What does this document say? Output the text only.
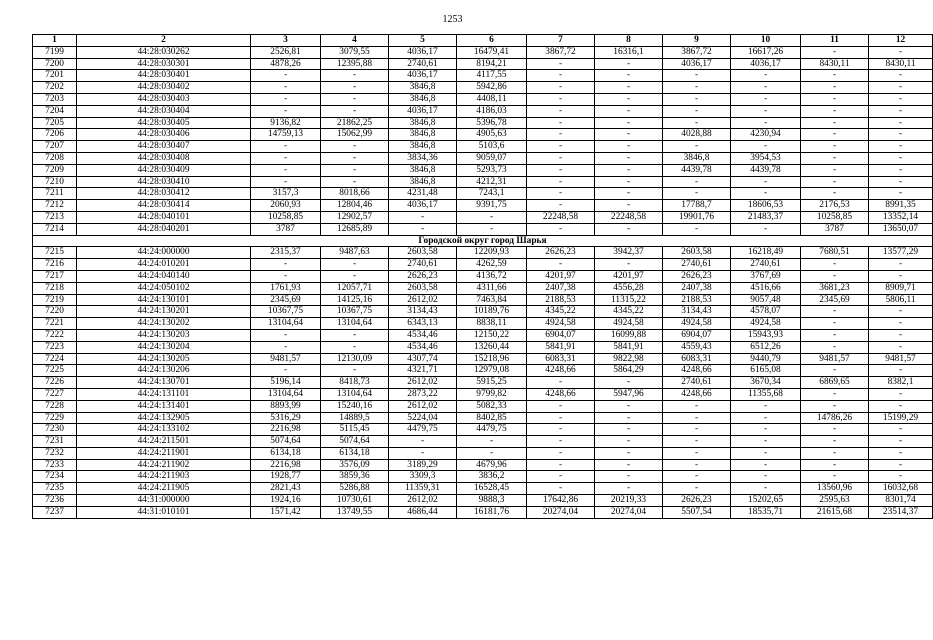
1253
1	2	3	4	5	6	7	8	9	10	11	12
7199	44:28:030262	2526,81	3079,55	4036,17	16479,41	3867,72	16316,1	3867,72	16617,26	-	-
7200	44:28:030301	4878,26	12395,88	2740,61	8194,21	-	-	4036,17	4036,17	8430,11	8430,11
7201	44:28:030401	-	-	4036,17	4117,55	-	-	-	-	-	-
7202	44:28:030402	-	-	3846,8	5942,86	-	-	-	-	-	-
7203	44:28:030403	-	-	3846,8	4408,11	-	-	-	-	-	-
7204	44:28:030404	-	-	4036,17	4186,03	-	-	-	-	-	-
7205	44:28:030405	9136,82	21862,25	3846,8	5396,78	-	-	-	-	-	-
7206	44:28:030406	14759,13	15062,99	3846,8	4905,63	-	-	4028,88	4230,94	-	-
7207	44:28:030407	-	-	3846,8	5103,6	-	-	-	-	-	-
7208	44:28:030408	-	-	3834,36	9059,07	-	-	3846,8	3954,53	-	-
7209	44:28:030409	-	-	3846,8	5293,73	-	-	4439,78	4439,78	-	-
7210	44:28:030410	-	-	3846,8	4212,31	-	-	-	-	-	-
7211	44:28:030412	3157,3	8018,66	4231,48	7243,1	-	-	-	-	-	-
7212	44:28:030414	2060,93	12804,46	4036,17	9391,75	-	-	17788,7	18606,53	2176,53	8991,35
7213	44:28:040101	10258,85	12902,57	-	-	22248,58	22248,58	19901,76	21483,37	10258,85	13352,14
7214	44:28:040201	3787	12685,89	-	-	-	-	-	-	3787	13650,07
Городской округ город Шарья											
7215	44:24:000000	2315,37	9487,63	2603,58	12209,93	2626,23	3942,37	2603,58	16218,49	7680,51	13577,29
7216	44:24:010201	-	-	2740,61	4262,59	-	-	2740,61	2740,61	-	-
7217	44:24:040140	-	-	2626,23	4136,72	4201,97	4201,97	2626,23	3767,69	-	-
7218	44:24:050102	1761,93	12057,71	2603,58	4311,66	2407,38	4556,28	2407,38	4516,66	3681,23	8909,71
7219	44:24:130101	2345,69	14125,16	2612,02	7463,84	2188,53	11315,22	2188,53	9057,48	2345,69	5806,11
7220	44:24:130201	10367,75	10367,75	3134,43	10189,76	4345,22	4345,22	3134,43	4578,07	-	-
7221	44:24:130202	13104,64	13104,64	6343,13	8838,11	4924,58	4924,58	4924,58	4924,58	-	-
7222	44:24:130203	-	-	4534,46	12150,22	6904,07	16099,88	6904,07	15943,93	-	-
7223	44:24:130204	-	-	4534,46	13260,44	5841,91	5841,91	4559,43	6512,26	-	-
7224	44:24:130205	9481,57	12130,09	4307,74	15218,96	6083,31	9822,98	6083,31	9440,79	9481,57	9481,57
7225	44:24:130206	-	-	4321,71	12979,08	4248,66	5864,29	4248,66	6165,08	-	-
7226	44:24:130701	5196,14	8418,73	2612,02	5915,25	-	-	2740,61	3670,34	6869,65	8382,1
7227	44:24:131101	13104,64	13104,64	2873,22	9799,82	4248,66	5947,96	4248,66	11355,68	-	-
7228	44:24:131401	8893,99	15240,16	2612,02	5082,33	-	-	-	-	-	-
7229	44:24:132905	5316,29	14889,5	5224,04	8402,85	-	-	-	-	14786,26	15199,29
7230	44:24:133102	2216,98	5115,45	4479,75	4479,75	-	-	-	-	-	-
7231	44:24:211501	5074,64	5074,64	-	-	-	-	-	-	-	-
7232	44:24:211901	6134,18	6134,18	-	-	-	-	-	-	-	-
7233	44:24:211902	2216,98	3576,09	3189,29	4679,96	-	-	-	-	-	-
7234	44:24:211903	1928,77	3859,36	3309,3	3836,2	-	-	-	-	-	-
7235	44:24:211905	2821,43	5286,88	11359,31	16528,45	-	-	-	-	13560,96	16032,68
7236	44:31:000000	1924,16	10730,61	2612,02	9888,3	17642,86	20219,33	2626,23	15202,65	2595,63	8301,74
7237	44:31:010101	1571,42	13749,55	4686,44	16181,76	20274,04	20274,04	5507,54	18535,71	21615,68	23514,37
